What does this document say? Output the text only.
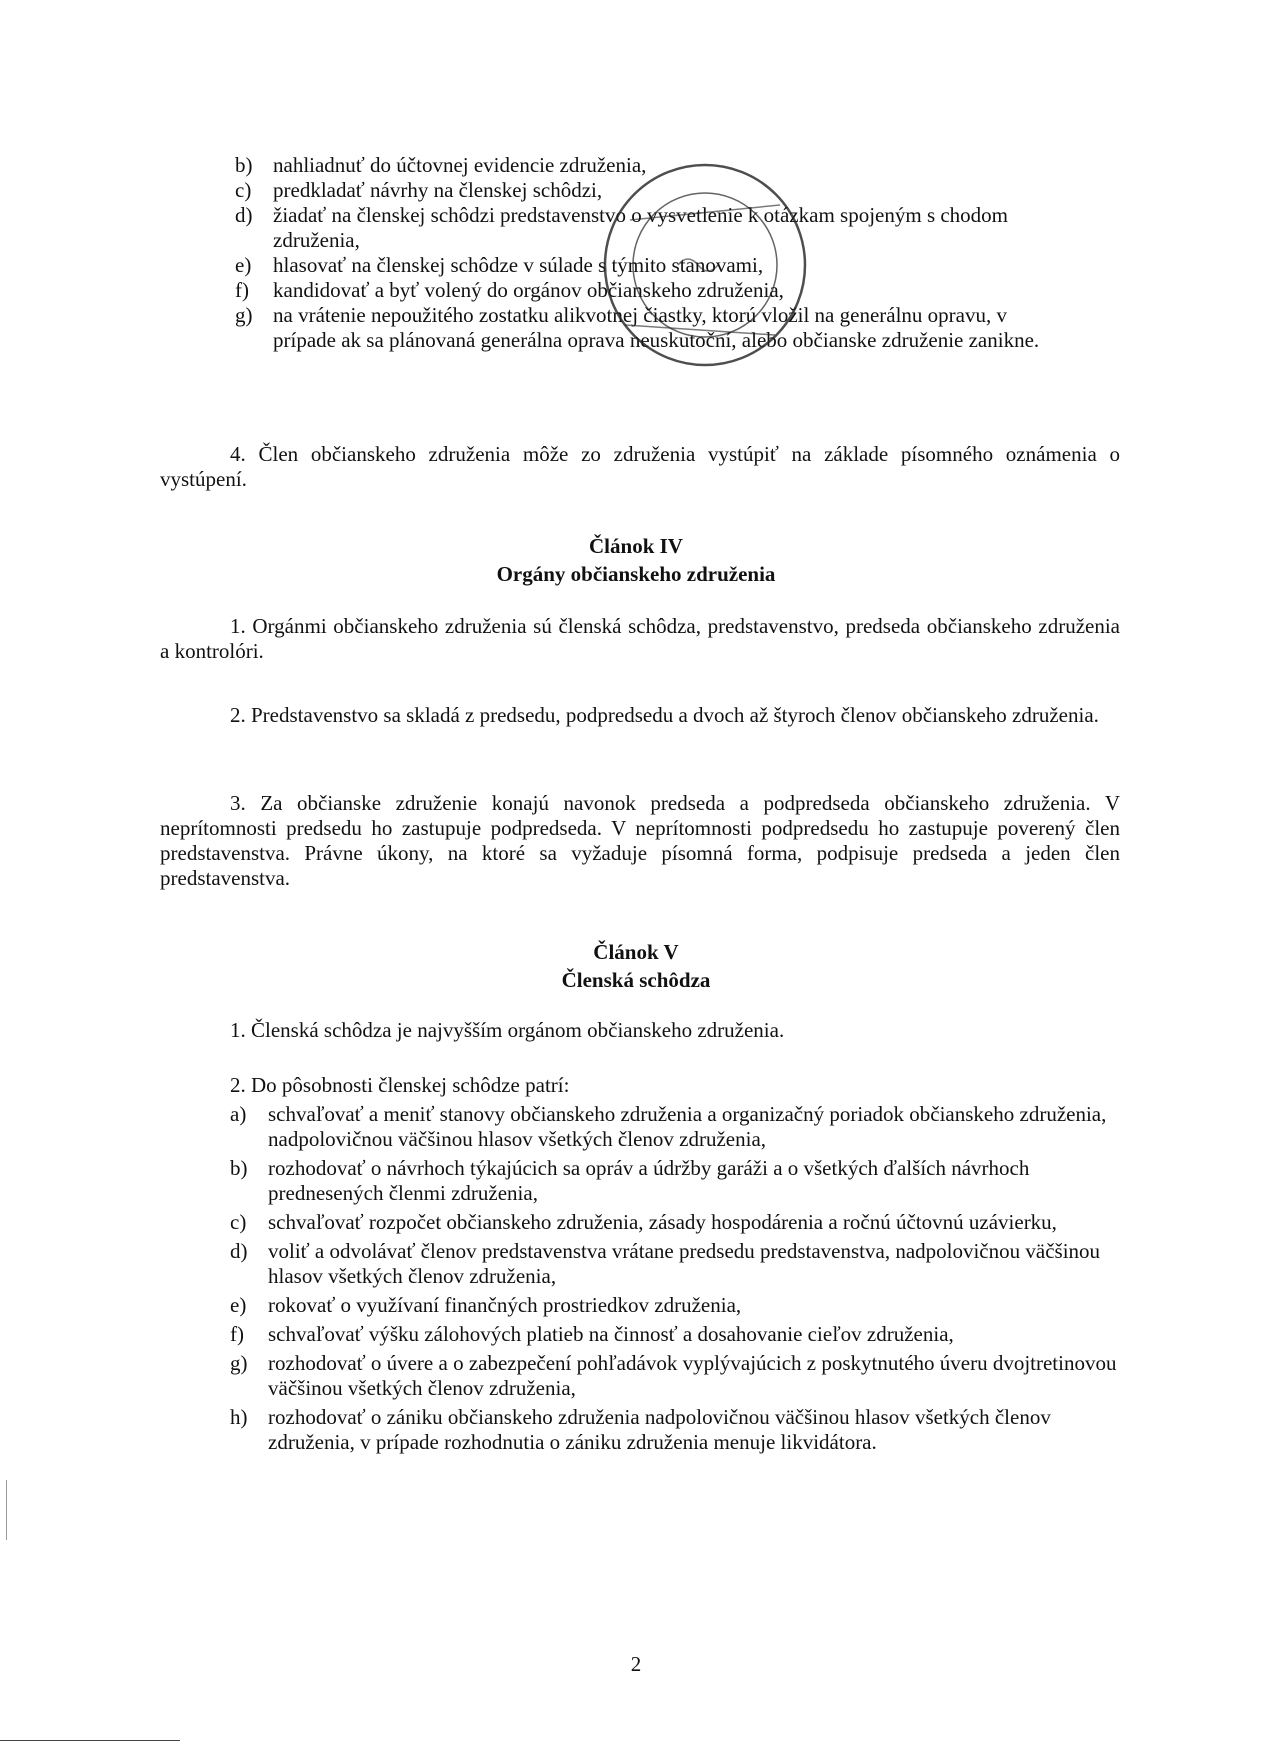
b) nahliadnuť do účtovnej evidencie združenia,
c) predkladať návrhy na členskej schôdzi,
d) žiadať na členskej schôdzi predstavenstvo o vysvetlenie k otázkam spojeným s chodom združenia,
e) hlasovať na členskej schôdze v súlade s týmito stanovami,
f) kandidovať a byť volený do orgánov občianskeho združenia,
g) na vrátenie nepoužitého zostatku alikvotnej čiastky, ktorú vložil na generálnu opravu, v prípade ak sa plánovaná generálna oprava neuskutoční, alebo občianske združenie zanikne.

4. Člen občianskeho združenia môže zo združenia vystúpiť na základe písomného oznámenia o vystúpení.

Článok IV
Orgány občianskeho združenia

1. Orgánmi občianskeho združenia sú členská schôdza, predstavenstvo, predseda občianskeho združenia a kontrolóri.

2. Predstavenstvo sa skladá z predsedu, podpredsedu a dvoch až štyroch členov občianskeho združenia.

3. Za občianske združenie konajú navonok predseda a podpredseda občianskeho združenia. V neprítomnosti predsedu ho zastupuje podpredseda. V neprítomnosti podpredsedu ho zastupuje poverený člen predstavenstva. Právne úkony, na ktoré sa vyžaduje písomná forma, podpisuje predseda a jeden člen predstavenstva.

Článok V
Členská schôdza

1. Členská schôdza je najvyšším orgánom občianskeho združenia.

2. Do pôsobnosti členskej schôdze patrí:

a) schvaľovať a meniť stanovy občianskeho združenia a organizačný poriadok občianskeho združenia, nadpolovičnou väčšinou hlasov všetkých členov združenia,
b) rozhodovať o návrhoch týkajúcich sa opráv a údržby garáži a o všetkých ďalších návrhoch prednesených členmi združenia,
c) schvaľovať rozpočet občianskeho združenia, zásady hospodárenia a ročnú účtovnú uzávierku,
d) voliť a odvolávať členov predstavenstva vrátane predsedu predstavenstva, nadpolovičnou väčšinou hlasov všetkých členov združenia,
e) rokovať o využívaní finančných prostriedkov združenia,
f) schvaľovať výšku zálohových platieb na činnosť a dosahovanie cieľov združenia,
g) rozhodovať o úvere a o zabezpečení pohľadávok vyplývajúcich z poskytnutého úveru dvojtretinovou väčšinou všetkých členov združenia,
h) rozhodovať o zániku občianskeho združenia nadpolovičnou väčšinou hlasov všetkých členov združenia, v prípade rozhodnutia o zániku združenia menuje likvidátora.
2
